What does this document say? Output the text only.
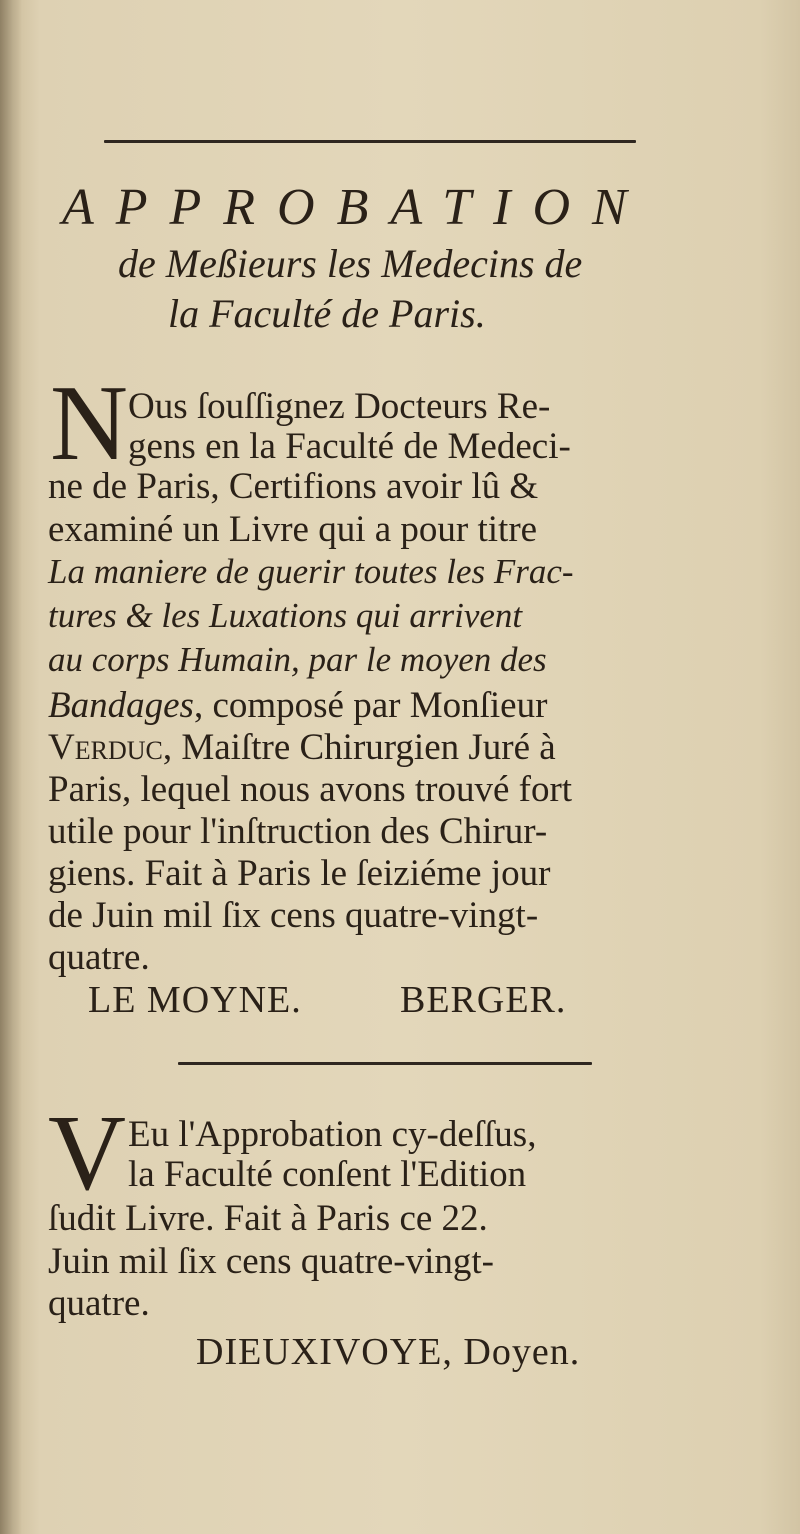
APPROBATION
de Meßieurs les Medecins de
la Faculté de Paris.
N Ous ſouſſignez Docteurs Re-
gens en la Faculté de Medeci-
ne de Paris, Certifions avoir lû &
examiné un Livre qui a pour titre
La maniere de guerir toutes les Frac-
tures & les Luxations qui arrivent
au corps Humain, par le moyen des
Bandages, composé par Monſieur
Verduc, Maiſtre Chirurgien Juré à
Paris, lequel nous avons trouvé fort
utile pour l'inſtruction des Chirur-
giens. Fait à Paris le ſeiziéme jour
de Juin mil ſix cens quatre-vingt-
quatre.
LE MOYNE.	BERGER.
V Eu l'Approbation cy-deſſus,
la Faculté conſent l'Edition
ſudit Livre. Fait à Paris ce 22.
Juin mil ſix cens quatre-vingt-
quatre.
DIEUXIVOYE, Doyen.
